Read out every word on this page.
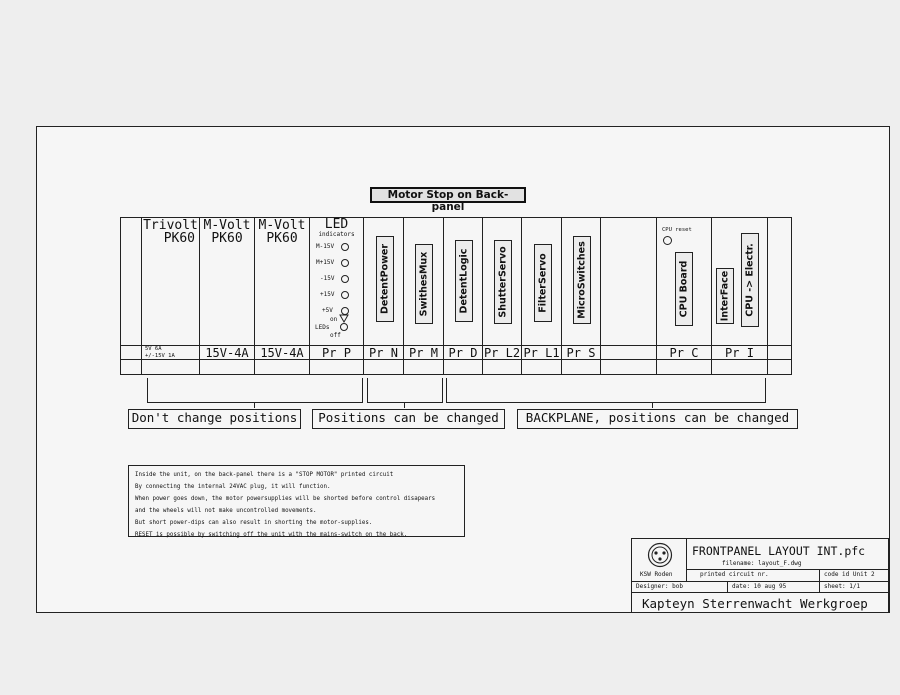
Motor Stop on Back-panel
Trivolt
PK60
5V 6A
+/-15V 1A
M-Volt
PK60
15V-4A
M-Volt
PK60
15V-4A
LED
indicators
M-15V
M+15V
-15V
+15V
+5V
on
LEDs
off
Pr P
DetentPower
Pr N
SwithesMux
Pr M
DetentLogic
Pr D
ShutterServo
Pr L2
FilterServo
Pr L1
MicroSwitches
Pr S
CPU reset
CPU Board
Pr C
InterFace
Pr I
CPU -> Electr.
Don't change positions	Positions can be changed	BACKPLANE, positions can be changed
Inside the unit, on the back-panel there is a "STOP MOTOR" printed circuit
By connecting the internal 24VAC plug, it will function.
When power goes down, the motor powersupplies will be shorted before control disapears
and the wheels will not make uncontrolled movements.
But short power-dips can also result in shorting the motor-supplies.
RESET is possible by switching off the unit with the mains-switch on the back.
KSW Roden
FRONTPANEL LAYOUT INT.pfc
filename: layout_F.dwg
printed circuit nr.	code id Unit 2
Designer: bob	date: 10 aug 95	sheet: 1/1
Kapteyn Sterrenwacht Werkgroep
